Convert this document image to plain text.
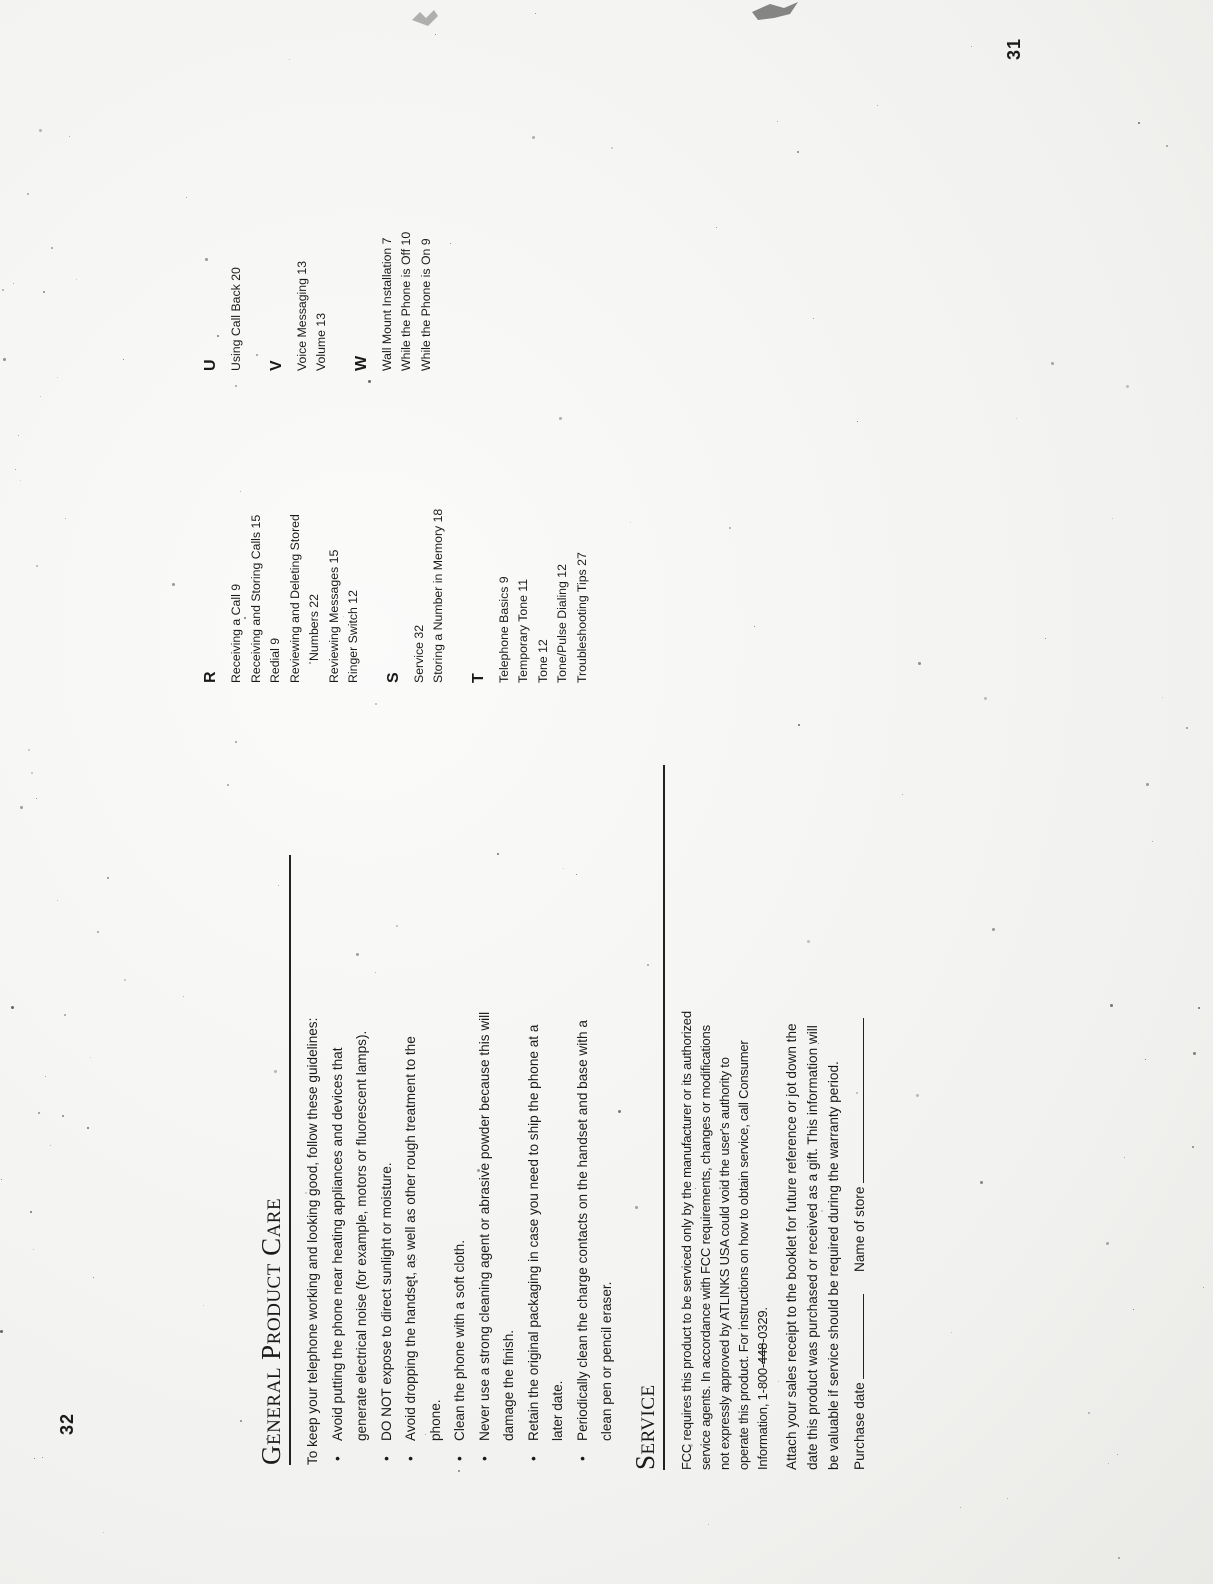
31
32	General Product Care	To keep your telephone working and looking good, follow these guidelines: •
Avoid putting the phone near heating appliances and devices that generate electrical noise (for example, motors or fluorescent lamps).
•
DO NOT expose to direct sunlight or moisture.
•
Avoid dropping the handset, as well as other rough treatment to the phone.
•
Clean the phone with a soft cloth.
•
Never use a strong cleaning agent or abrasive powder because this will damage the finish.
•
Retain the original packaging in case you need to ship the phone at a later date.
•
Periodically clean the charge contacts on the handset and base with a clean pen or pencil eraser. Service	FCC requires this product to be serviced only by the manufacturer or its authorized service agents. In accordance with FCC requirements, changes or modifications not expressly approved by ATLINKS USA could void the user's authority to operate this product. For instructions on how to obtain service, call Consumer Information, 1-800-448-0329. Attach your sales receipt to the booklet for future reference or jot down the date this product was purchased or received as a gift. This information will be valuable if service should be required during the warranty period. Purchase date   Name of store
R Receiving a Call 9 Receiving and Storing Calls 15 Redial 9 Reviewing and Deleting Stored Numbers 22 Reviewing Messages 15 Ringer Switch 12 S Service 32 Storing a Number in Memory 18 T Telephone Basics 9 Temporary Tone 11 Tone 12 Tone/Pulse Dialing 12 Troubleshooting Tips 27
U Using Call Back 20 V Voice Messaging 13 Volume 13 W Wall Mount Installation 7 While the Phone is Off 10 While the Phone is On 9
